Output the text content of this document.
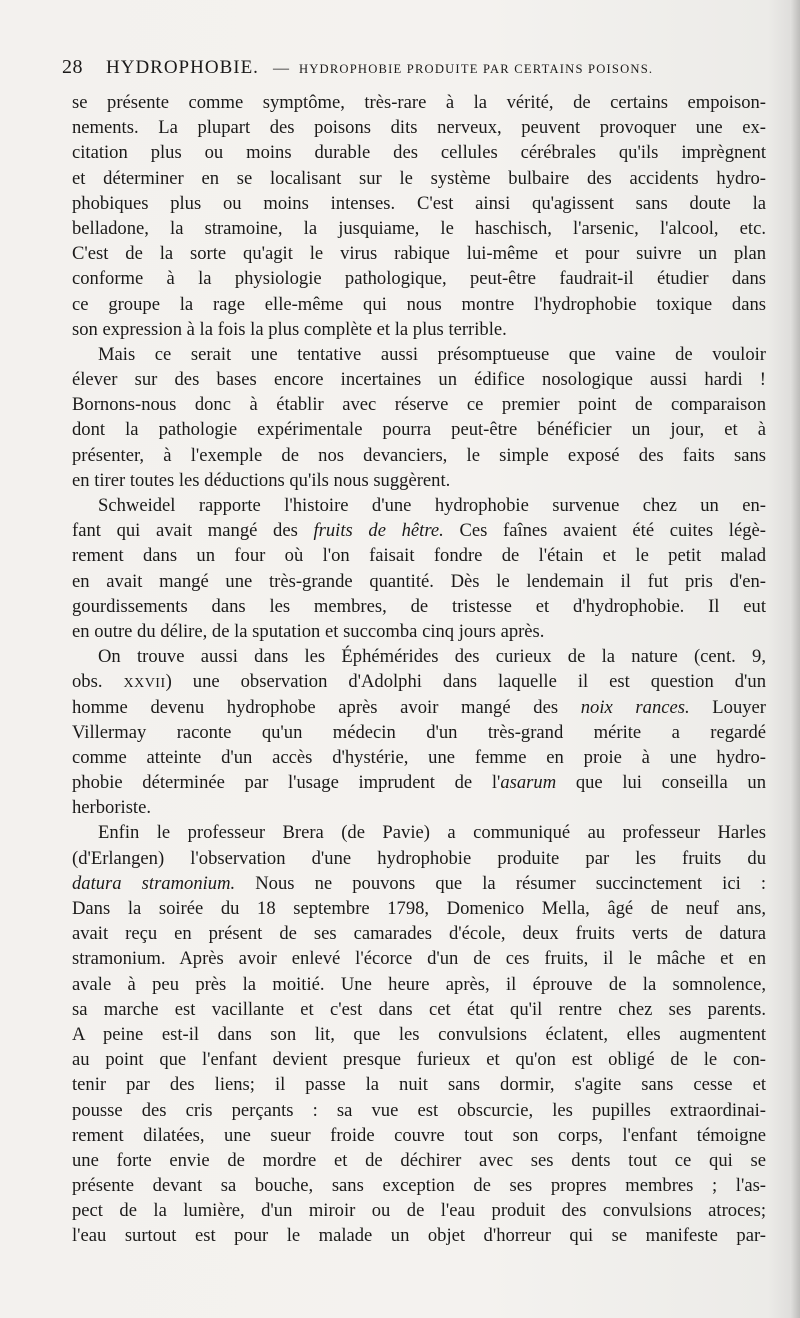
28 HYDROPHOBIE. — HYDROPHOBIE PRODUITE PAR CERTAINS POISONS.
se présente comme symptôme, très-rare à la vérité, de certains empoison-
nements. La plupart des poisons dits nerveux, peuvent provoquer une ex-
citation plus ou moins durable des cellules cérébrales qu'ils imprègnent
et déterminer en se localisant sur le système bulbaire des accidents hydro-
phobiques plus ou moins intenses. C'est ainsi qu'agissent sans doute la
belladone, la stramoine, la jusquiame, le haschisch, l'arsenic, l'alcool, etc.
C'est de la sorte qu'agit le virus rabique lui-même et pour suivre un plan
conforme à la physiologie pathologique, peut-être faudrait-il étudier dans
ce groupe la rage elle-même qui nous montre l'hydrophobie toxique dans
son expression à la fois la plus complète et la plus terrible.
Mais ce serait une tentative aussi présomptueuse que vaine de vouloir
élever sur des bases encore incertaines un édifice nosologique aussi hardi !
Bornons-nous donc à établir avec réserve ce premier point de comparaison
dont la pathologie expérimentale pourra peut-être bénéficier un jour, et à
présenter, à l'exemple de nos devanciers, le simple exposé des faits sans
en tirer toutes les déductions qu'ils nous suggèrent.
Schweidel rapporte l'histoire d'une hydrophobie survenue chez un en-
fant qui avait mangé des fruits de hêtre. Ces faînes avaient été cuites légè-
rement dans un four où l'on faisait fondre de l'étain et le petit malad
en avait mangé une très-grande quantité. Dès le lendemain il fut pris d'en-
gourdissements dans les membres, de tristesse et d'hydrophobie. Il eut
en outre du délire, de la sputation et succomba cinq jours après.
On trouve aussi dans les Éphémérides des curieux de la nature (cent. 9,
obs. XXVII) une observation d'Adolphi dans laquelle il est question d'un
homme devenu hydrophobe après avoir mangé des noix rances. Louyer
Villermay raconte qu'un médecin d'un très-grand mérite a regardé
comme atteinte d'un accès d'hystérie, une femme en proie à une hydro-
phobie déterminée par l'usage imprudent de l'asarum que lui conseilla un
herboriste.
Enfin le professeur Brera (de Pavie) a communiqué au professeur Harles
(d'Erlangen) l'observation d'une hydrophobie produite par les fruits du
datura stramonium. Nous ne pouvons que la résumer succinctement ici :
Dans la soirée du 18 septembre 1798, Domenico Mella, âgé de neuf ans,
avait reçu en présent de ses camarades d'école, deux fruits verts de datura
stramonium. Après avoir enlevé l'écorce d'un de ces fruits, il le mâche et en
avale à peu près la moitié. Une heure après, il éprouve de la somnolence,
sa marche est vacillante et c'est dans cet état qu'il rentre chez ses parents.
A peine est-il dans son lit, que les convulsions éclatent, elles augmentent
au point que l'enfant devient presque furieux et qu'on est obligé de le con-
tenir par des liens; il passe la nuit sans dormir, s'agite sans cesse et
pousse des cris perçants : sa vue est obscurcie, les pupilles extraordinai-
rement dilatées, une sueur froide couvre tout son corps, l'enfant témoigne
une forte envie de mordre et de déchirer avec ses dents tout ce qui se
présente devant sa bouche, sans exception de ses propres membres ; l'as-
pect de la lumière, d'un miroir ou de l'eau produit des convulsions atroces;
l'eau surtout est pour le malade un objet d'horreur qui se manifeste par-
